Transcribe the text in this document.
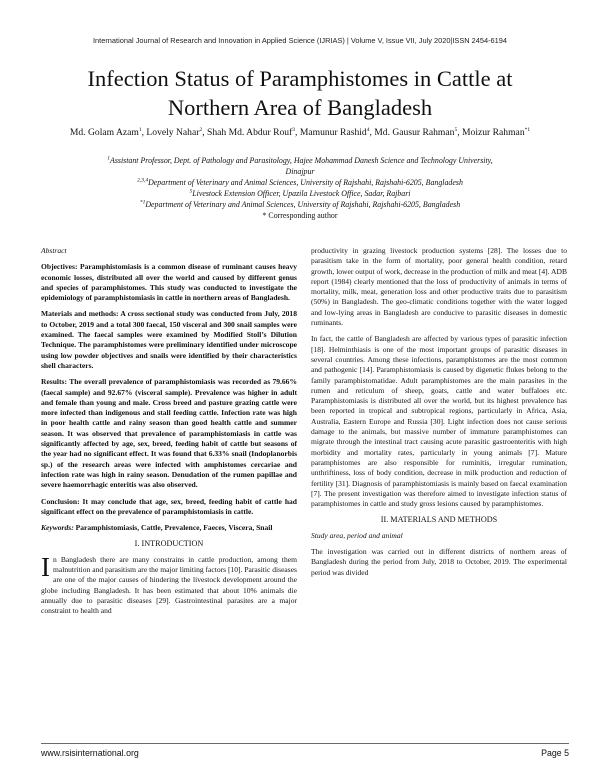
International Journal of Research and Innovation in Applied Science (IJRIAS) | Volume V, Issue VII, July 2020|ISSN 2454-6194
Infection Status of Paramphistomes in Cattle at Northern Area of Bangladesh
Md. Golam Azam$^1$, Lovely Nahar$^2$, Shah Md. Abdur Rouf$^3$, Mamunur Rashid$^4$, Md. Gausur Rahman$^5$, Moizur Rahman$^{*1}$
$^1$Assistant Professor, Dept. of Pathology and Parasitology, Hajee Mohammad Danesh Science and Technology University,
Dinajpur
$^{2,3,4}$Department of Veterinary and Animal Sciences, University of Rajshahi, Rajshahi-6205, Bangladesh
$^5$Livestock Extension Officer, Upazila Livestock Office, Sadar, Rajbari
$^{*1}$Department of Veterinary and Animal Sciences, University of Rajshahi, Rajshahi-6205, Bangladesh
* Corresponding author

Abstract

Objectives: Paramphistomiasis is a common disease of ruminant causes heavy economic losses, distributed all over the world and caused by different genus and species of paramphistomes. This study was conducted to investigate the epidemiology of paramphistomiasis in cattle in northern areas of Bangladesh.

Materials and methods: A cross sectional study was conducted from July, 2018 to October, 2019 and a total 300 faecal, 150 visceral and 300 snail samples were examined. The faecal samples were examined by Modified Stoll’s Dilution Technique. The paramphistomes were preliminary identified under microscope using low powder objectives and snails were identified by their characteristics shell characters.

Results: The overall prevalence of paramphistomiasis was recorded as 79.66% (faecal sample) and 92.67% (visceral sample). Prevalence was higher in adult and female than young and male. Cross breed and pasture grazing cattle were more infected than indigenous and stall feeding cattle. Infection rate was high in poor health cattle and rainy season than good health cattle and summer season. It was observed that prevalence of paramphistomiasis in cattle was significantly affected by age, sex, breed, feeding habit of cattle but seasons of the year had no significant effect. It was found that 6.33% snail (Indoplanorbis sp.) of the research areas were infected with amphistomes cercariae and infection rate was high in rainy season. Denudation of the rumen papillae and severe haemorrhagic enteritis was also observed.

Conclusion: It may conclude that age, sex, breed, feeding habit of cattle had significant effect on the prevalence of paramphistomiasis in cattle.

Keywords: Paramphistomiasis, Cattle, Prevalence, Faeces, Viscera, Snail

I. INTRODUCTION

In Bangladesh there are many constrains in cattle production, among them malnutrition and parasitism are the major limiting factors [10]. Parasitic diseases are one of the major causes of hindering the livestock development around the globe including Bangladesh. It has been estimated that about 10% animals die annually due to parasitic diseases [29]. Gastrointestinal parasites are a major constraint to health and

productivity in grazing livestock production systems [28]. The losses due to parasitism take in the form of mortality, poor general health condition, retard growth, lower output of work, decrease in the production of milk and meat [4]. ADB report (1984) clearly mentioned that the loss of productivity of animals in terms of mortality, milk, meat, generation loss and other productive traits due to parasitism (50%) in Bangladesh. The geo-climatic conditions together with the water logged and low-lying areas in Bangladesh are conducive to parasitic diseases in domestic ruminants.

In fact, the cattle of Bangladesh are affected by various types of parasitic infection [18]. Helminthiasis is one of the most important groups of parasitic diseases in several countries. Among these infections, paramphistomes are the most common and pathogenic [14]. Paramphistomiasis is caused by digenetic flukes belong to the family paramphistomatidae. Adult paramphistomes are the main parasites in the rumen and reticulum of sheep, goats, cattle and water buffaloes etc. Paramphistomiasis is distributed all over the world, but its highest prevalence has been reported in tropical and subtropical regions, particularly in Africa, Asia, Australia, Eastern Europe and Russia [30]. Light infection does not cause serious damage to the animals, but massive number of immature paramphistomes can migrate through the intestinal tract causing acute parasitic gastroenteritis with high morbidity and mortality rates, particularly in young animals [7]. Mature paramphistomes are also responsible for ruminitis, irregular rumination, unthriftiness, loss of body condition, decrease in milk production and reduction of fertility [31]. Diagnosis of paramphistomiasis is mainly based on faecal examination [7]. The present investigation was therefore aimed to investigate infection status of paramphistomes in cattle and study gross lesions caused by paramphistomes.

II. MATERIALS AND METHODS

Study area, period and animal

The investigation was carried out in different districts of northern areas of Bangladesh during the period from July, 2018 to October, 2019. The experimental period was divided

www.rsisinternational.org	Page 5
